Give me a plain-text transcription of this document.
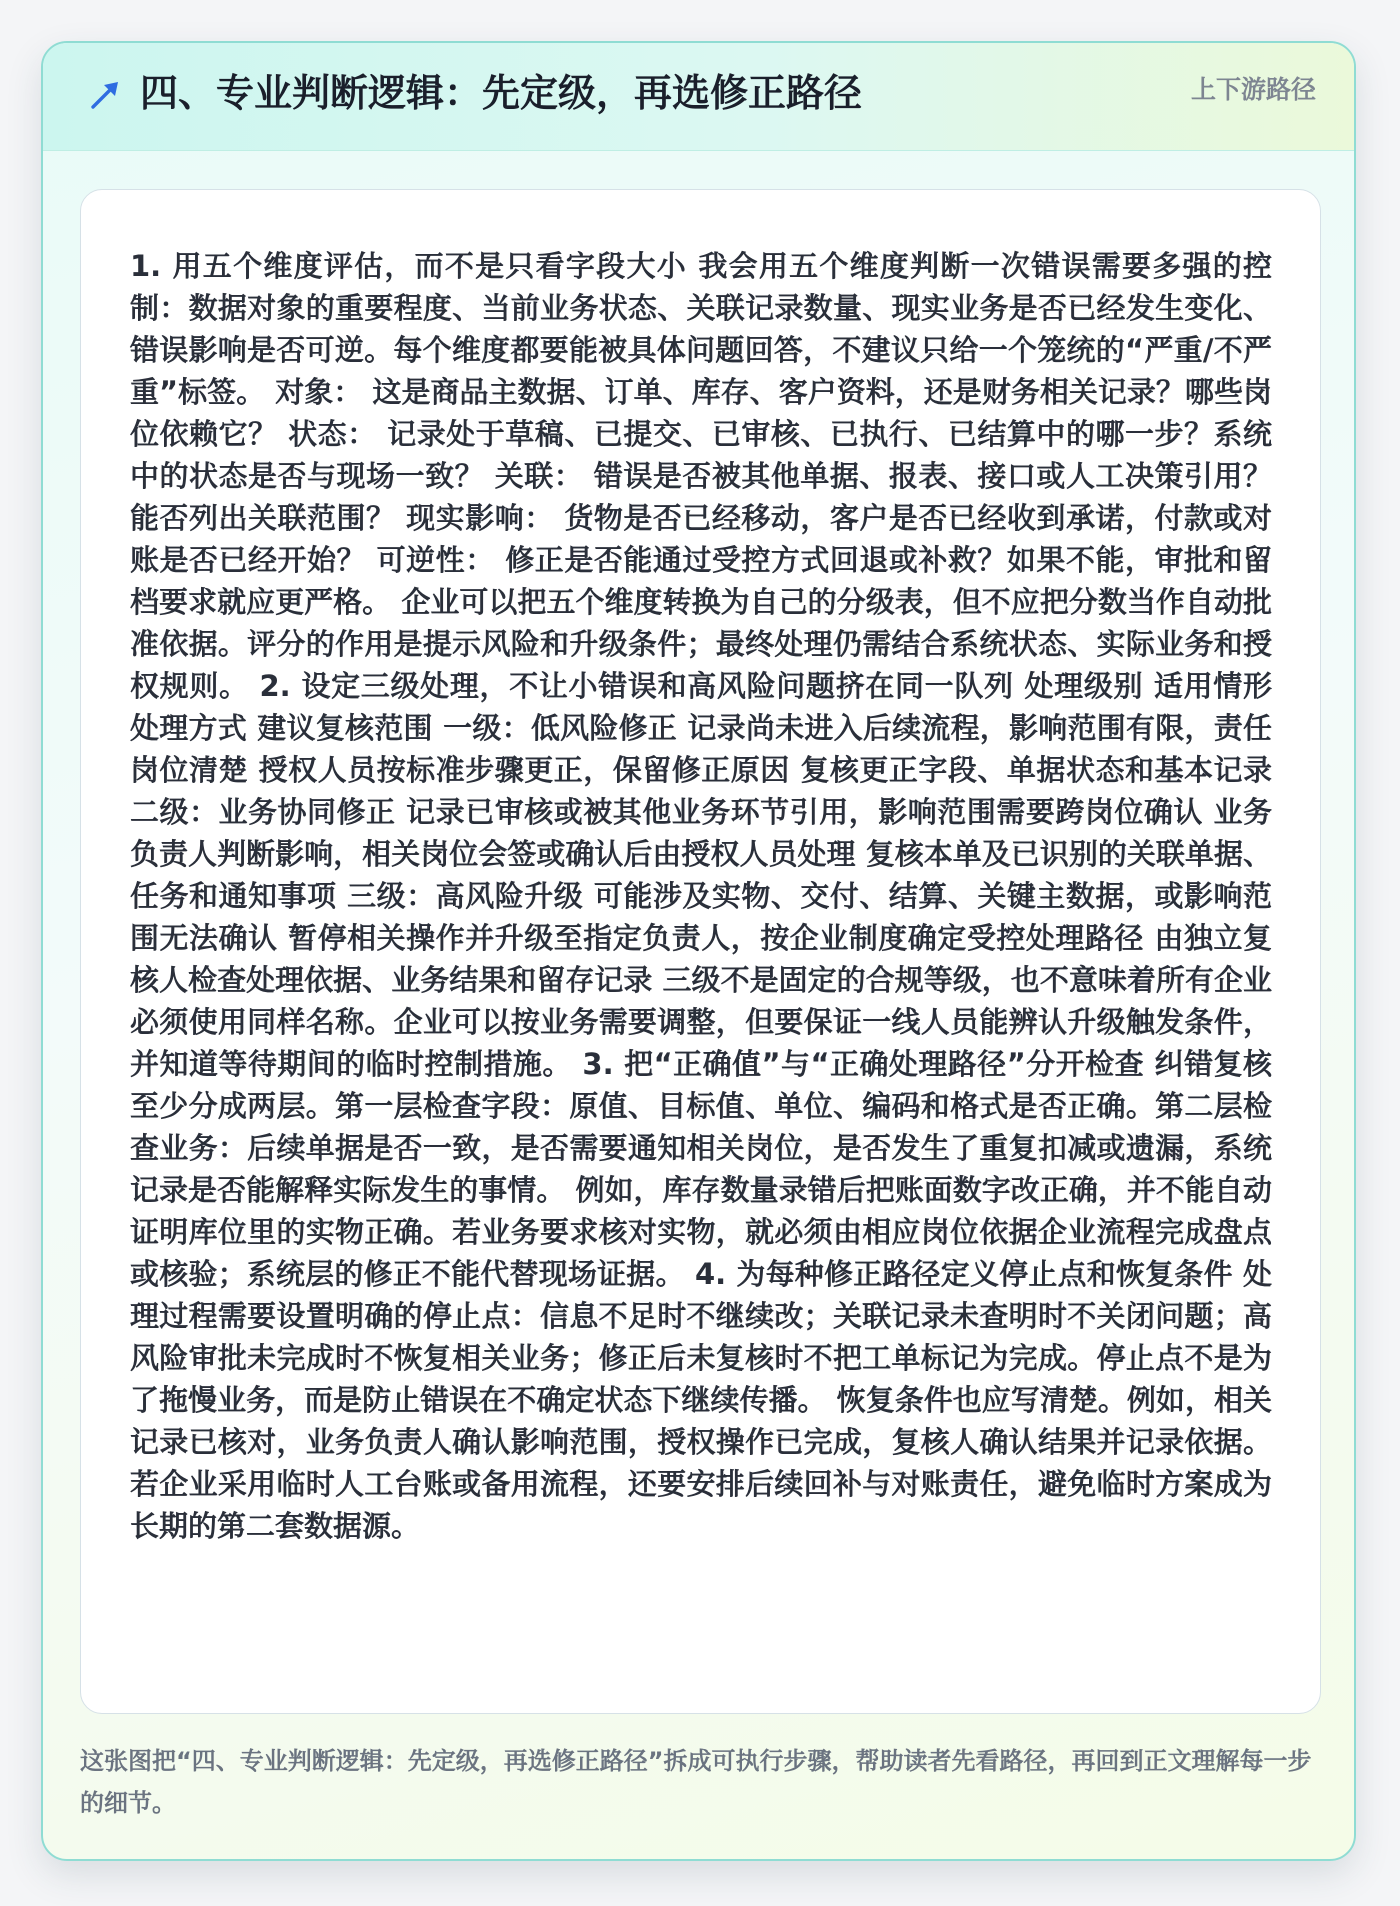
四、专业判断逻辑：先定级，再选修正路径	上下游路径

1. 用五个维度评估，而不是只看字段大小 我会用五个维度判断一次错误需要多强的控制：数据对象的重要程度、当前业务状态、关联记录数量、现实业务是否已经发生变化、错误影响是否可逆。每个维度都要能被具体问题回答，不建议只给一个笼统的“严重/不严重”标签。 对象： 这是商品主数据、订单、库存、客户资料，还是财务相关记录？哪些岗位依赖它？ 状态： 记录处于草稿、已提交、已审核、已执行、已结算中的哪一步？系统中的状态是否与现场一致？ 关联： 错误是否被其他单据、报表、接口或人工决策引用？能否列出关联范围？ 现实影响： 货物是否已经移动，客户是否已经收到承诺，付款或对账是否已经开始？ 可逆性： 修正是否能通过受控方式回退或补救？如果不能，审批和留档要求就应更严格。 企业可以把五个维度转换为自己的分级表，但不应把分数当作自动批准依据。评分的作用是提示风险和升级条件；最终处理仍需结合系统状态、实际业务和授权规则。 2. 设定三级处理，不让小错误和高风险问题挤在同一队列 处理级别 适用情形 处理方式 建议复核范围 一级：低风险修正 记录尚未进入后续流程，影响范围有限，责任岗位清楚 授权人员按标准步骤更正，保留修正原因 复核更正字段、单据状态和基本记录 二级：业务协同修正 记录已审核或被其他业务环节引用，影响范围需要跨岗位确认 业务负责人判断影响，相关岗位会签或确认后由授权人员处理 复核本单及已识别的关联单据、任务和通知事项 三级：高风险升级 可能涉及实物、交付、结算、关键主数据，或影响范围无法确认 暂停相关操作并升级至指定负责人，按企业制度确定受控处理路径 由独立复核人检查处理依据、业务结果和留存记录 三级不是固定的合规等级，也不意味着所有企业必须使用同样名称。企业可以按业务需要调整，但要保证一线人员能辨认升级触发条件，并知道等待期间的临时控制措施。 3. 把“正确值”与“正确处理路径”分开检查 纠错复核至少分成两层。第一层检查字段：原值、目标值、单位、编码和格式是否正确。第二层检查业务：后续单据是否一致，是否需要通知相关岗位，是否发生了重复扣减或遗漏，系统记录是否能解释实际发生的事情。 例如，库存数量录错后把账面数字改正确，并不能自动证明库位里的实物正确。若业务要求核对实物，就必须由相应岗位依据企业流程完成盘点或核验；系统层的修正不能代替现场证据。 4. 为每种修正路径定义停止点和恢复条件 处理过程需要设置明确的停止点：信息不足时不继续改；关联记录未查明时不关闭问题；高风险审批未完成时不恢复相关业务；修正后未复核时不把工单标记为完成。停止点不是为了拖慢业务，而是防止错误在不确定状态下继续传播。 恢复条件也应写清楚。例如，相关记录已核对，业务负责人确认影响范围，授权操作已完成，复核人确认结果并记录依据。若企业采用临时人工台账或备用流程，还要安排后续回补与对账责任，避免临时方案成为长期的第二套数据源。

这张图把“四、专业判断逻辑：先定级，再选修正路径”拆成可执行步骤，帮助读者先看路径，再回到正文理解每一步的细节。
